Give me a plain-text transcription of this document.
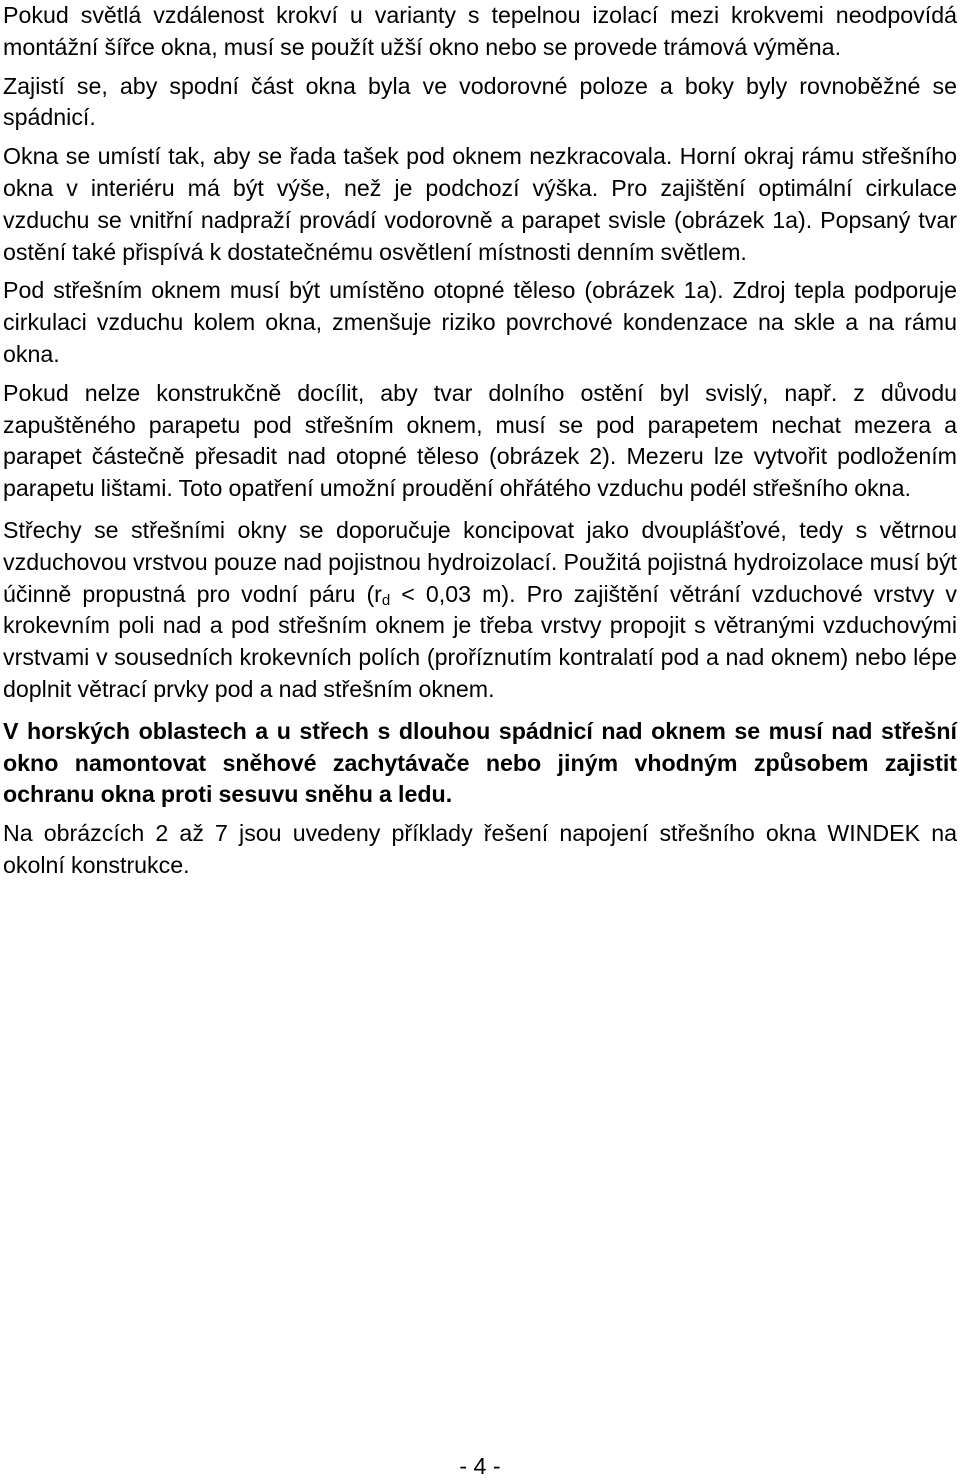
Pokud světlá vzdálenost krokví u varianty s tepelnou izolací mezi krokvemi neodpovídá montážní šířce okna, musí se použít užší okno nebo se provede trámová výměna.

Zajistí se, aby spodní část okna byla ve vodorovné poloze a boky byly rovnoběžné se spádnicí.

Okna se umístí tak, aby se řada tašek pod oknem nezkracovala. Horní okraj rámu střešního okna v interiéru má být výše, než je podchozí výška. Pro zajištění optimální cirkulace vzduchu se vnitřní nadpraží provádí vodorovně a parapet svisle (obrázek 1a). Popsaný tvar ostění také přispívá k dostatečnému osvětlení místnosti denním světlem.

Pod střešním oknem musí být umístěno otopné těleso (obrázek 1a). Zdroj tepla podporuje cirkulaci vzduchu kolem okna, zmenšuje riziko povrchové kondenzace na skle a na rámu okna.

Pokud nelze konstrukčně docílit, aby tvar dolního ostění byl svislý, např. z důvodu zapuštěného parapetu pod střešním oknem, musí se pod parapetem nechat mezera a parapet částečně přesadit nad otopné těleso (obrázek 2). Mezeru lze vytvořit podložením parapetu lištami. Toto opatření umožní proudění ohřátého vzduchu podél střešního okna.

Střechy se střešními okny se doporučuje koncipovat jako dvouplášťové, tedy s větrnou vzduchovou vrstvou pouze nad pojistnou hydroizolací. Použitá pojistná hydroizolace musí být účinně propustná pro vodní páru ($r_d < 0,03$ m). Pro zajištění větrání vzduchové vrstvy v krokevním poli nad a pod střešním oknem je třeba vrstvy propojit s větranými vzduchovými vrstvami v sousedních krokevních polích (proříznutím kontralatí pod a nad oknem) nebo lépe doplnit větrací prvky pod a nad střešním oknem.

V horských oblastech a u střech s dlouhou spádnicí nad oknem se musí nad střešní okno namontovat sněhové zachytávače nebo jiným vhodným způsobem zajistit ochranu okna proti sesuvu sněhu a ledu.

Na obrázcích 2 až 7 jsou uvedeny příklady řešení napojení střešního okna WINDEK na okolní konstrukce.

- 4 -
